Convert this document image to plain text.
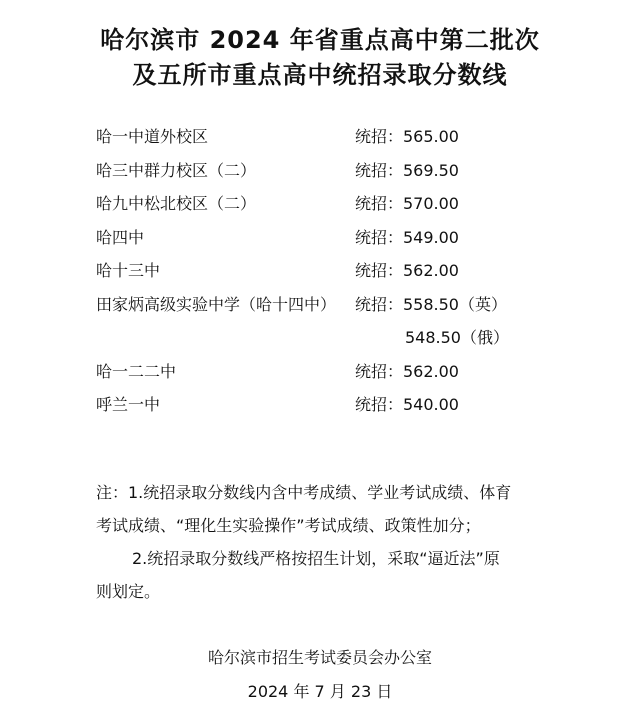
哈尔滨市 2024 年省重点高中第二批次
及五所市重点高中统招录取分数线
哈一中道外校区	统招：565.00
哈三中群力校区（二）	统招：569.50
哈九中松北校区（二）	统招：570.00
哈四中	统招：549.00
哈十三中	统招：562.00
田家炳高级实验中学（哈十四中） 统招：558.50（英）
548.50（俄）
哈一二二中	统招：562.00
呼兰一中	统招：540.00
注：1.统招录取分数线内含中考成绩、学业考试成绩、体育
考试成绩、“理化生实验操作”考试成绩、政策性加分；
2.统招录取分数线严格按招生计划，采取“逼近法”原
则划定。
哈尔滨市招生考试委员会办公室
2024 年 7 月 23 日
